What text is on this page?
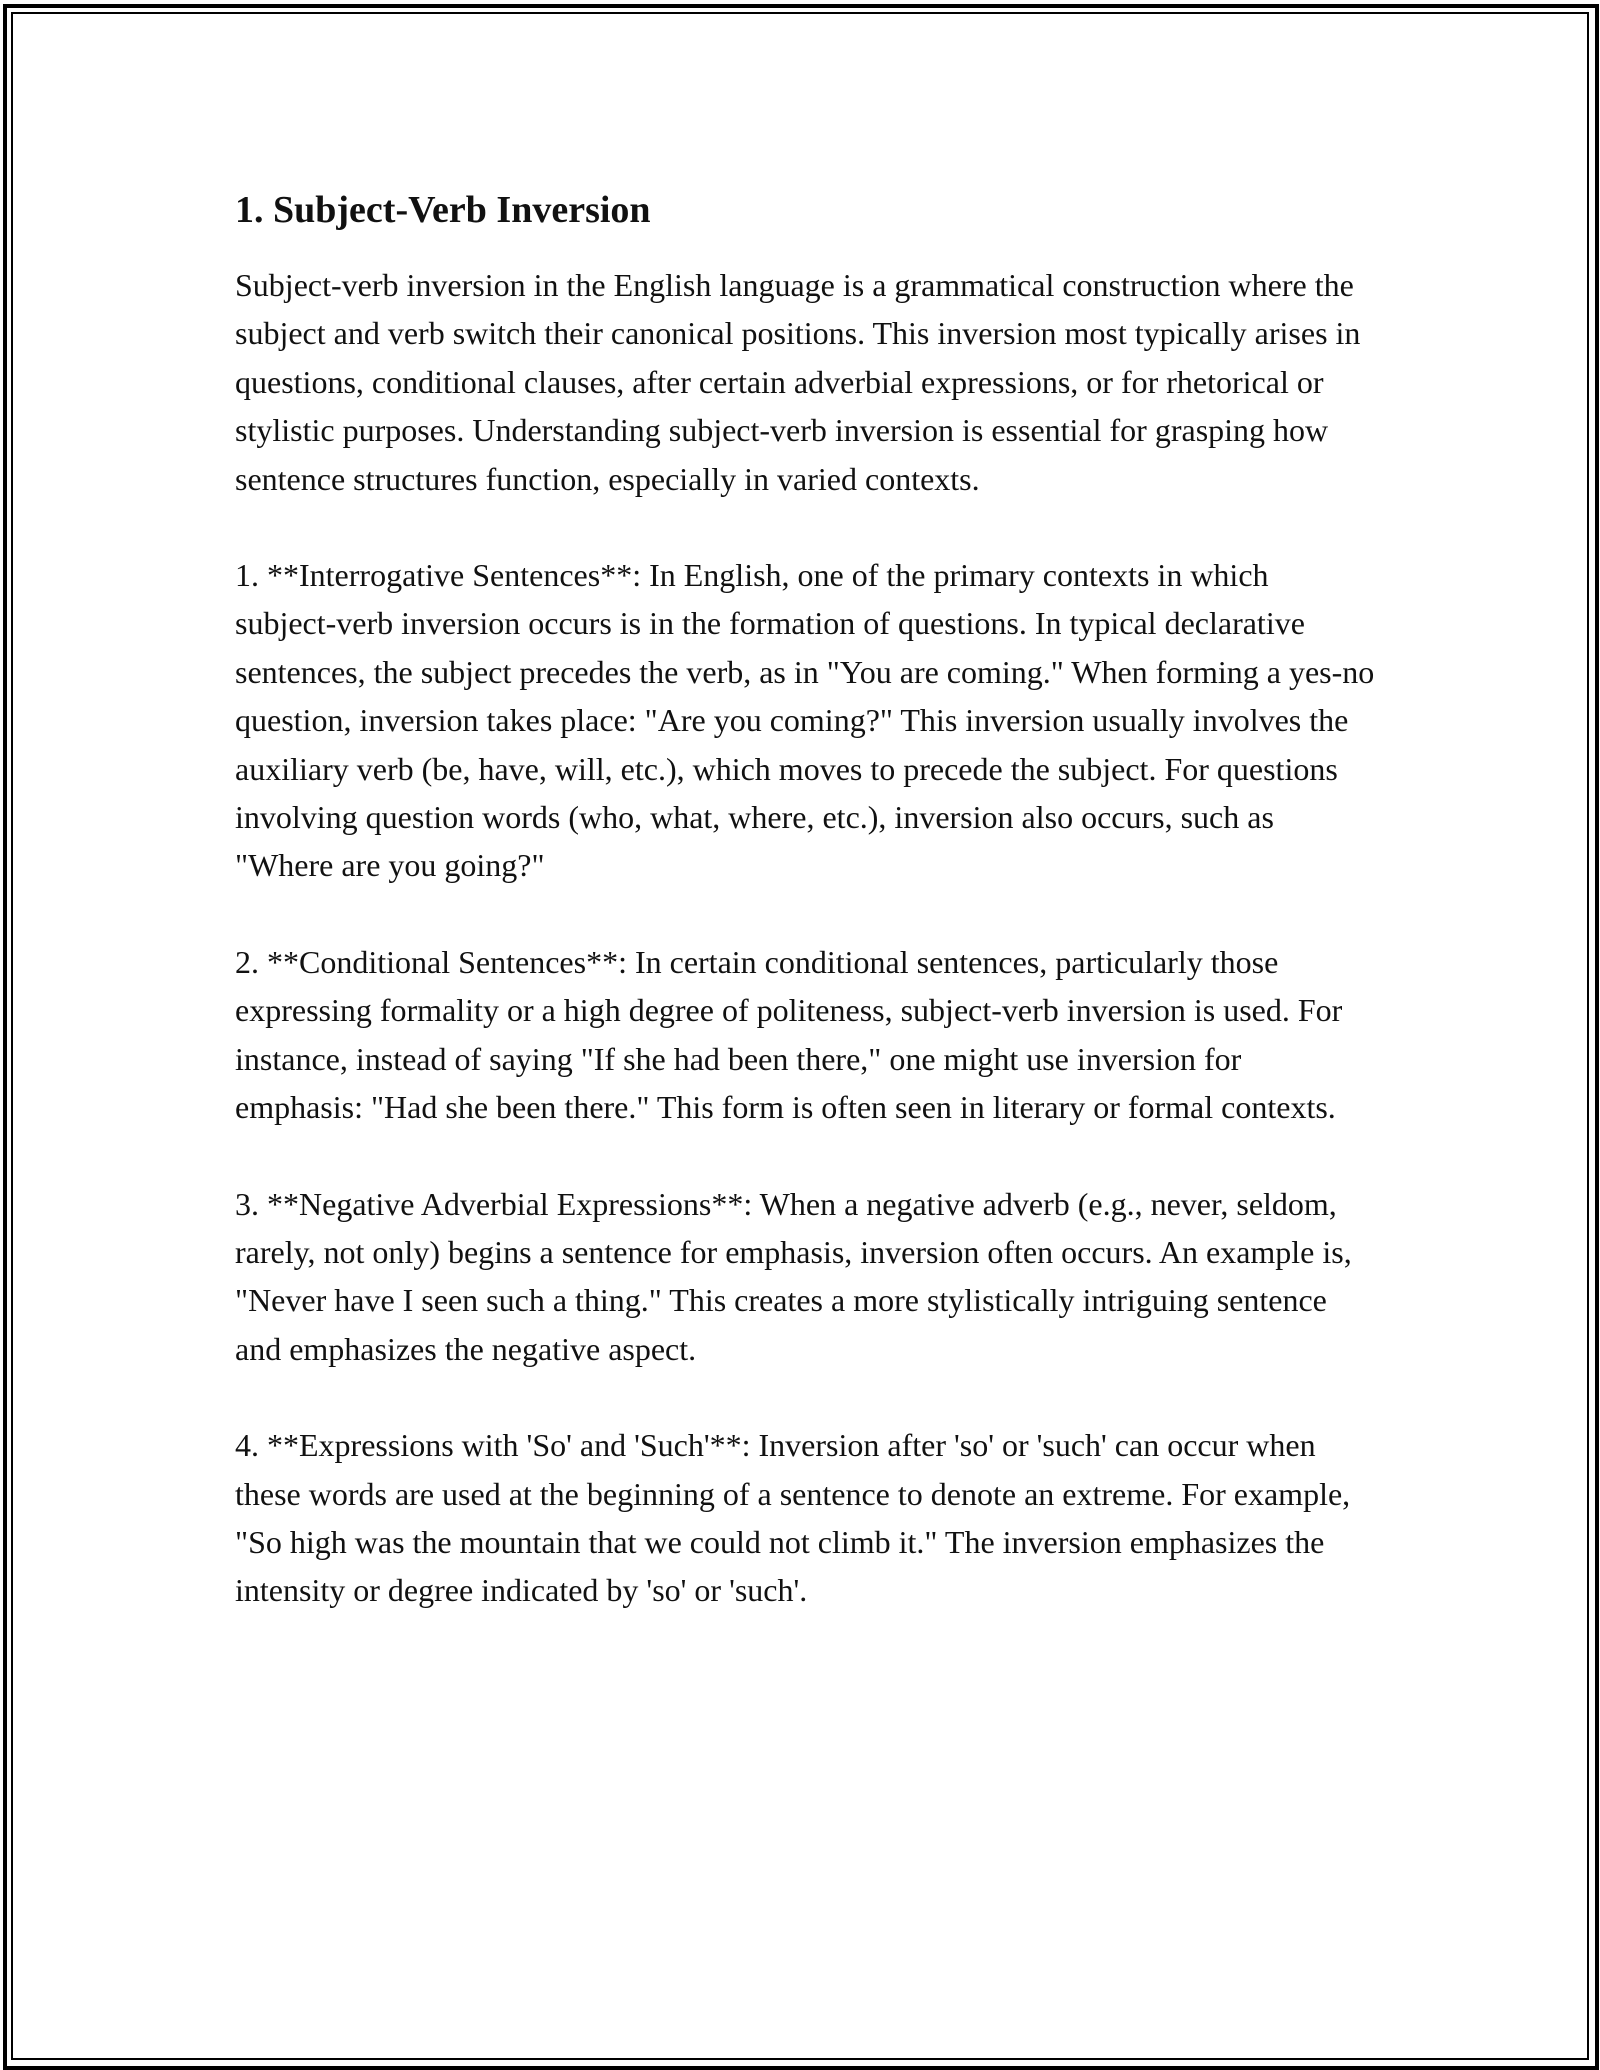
1. Subject-Verb Inversion

Subject-verb inversion in the English language is a grammatical construction where the subject and verb switch their canonical positions. This inversion most typically arises in questions, conditional clauses, after certain adverbial expressions, or for rhetorical or stylistic purposes. Understanding subject-verb inversion is essential for grasping how sentence structures function, especially in varied contexts.

1. **Interrogative Sentences**: In English, one of the primary contexts in which subject-verb inversion occurs is in the formation of questions. In typical declarative sentences, the subject precedes the verb, as in "You are coming." When forming a yes-no question, inversion takes place: "Are you coming?" This inversion usually involves the auxiliary verb (be, have, will, etc.), which moves to precede the subject. For questions involving question words (who, what, where, etc.), inversion also occurs, such as "Where are you going?"

2. **Conditional Sentences**: In certain conditional sentences, particularly those expressing formality or a high degree of politeness, subject-verb inversion is used. For instance, instead of saying "If she had been there," one might use inversion for emphasis: "Had she been there." This form is often seen in literary or formal contexts.

3. **Negative Adverbial Expressions**: When a negative adverb (e.g., never, seldom, rarely, not only) begins a sentence for emphasis, inversion often occurs. An example is, "Never have I seen such a thing." This creates a more stylistically intriguing sentence and emphasizes the negative aspect.

4. **Expressions with 'So' and 'Such'**: Inversion after 'so' or 'such' can occur when these words are used at the beginning of a sentence to denote an extreme. For example, "So high was the mountain that we could not climb it." The inversion emphasizes the intensity or degree indicated by 'so' or 'such'.
